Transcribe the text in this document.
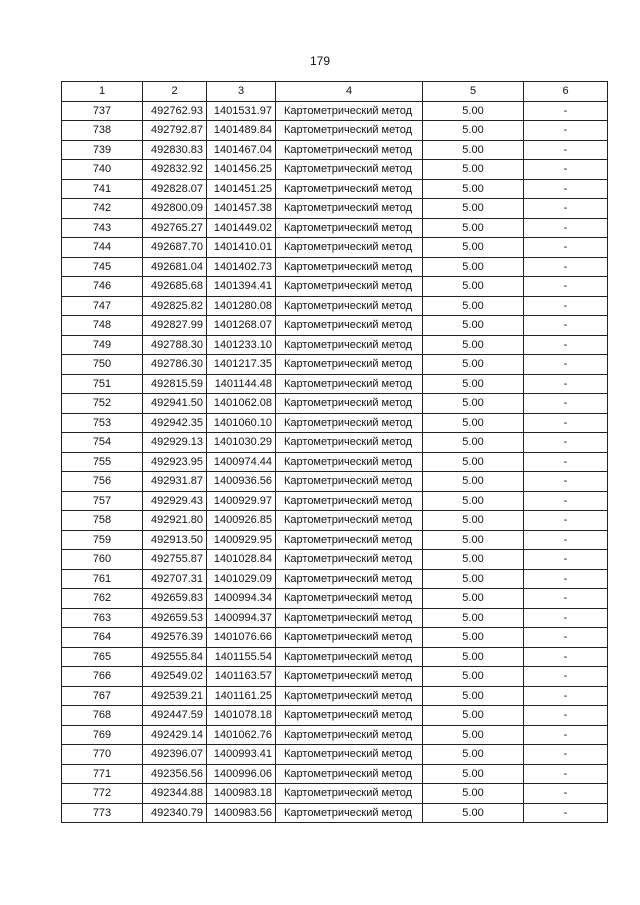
179
1	2	3	4	5	6
737	492762.93	1401531.97	Картометрический метод	5.00	-
738	492792.87	1401489.84	Картометрический метод	5.00	-
739	492830.83	1401467.04	Картометрический метод	5.00	-
740	492832.92	1401456.25	Картометрический метод	5.00	-
741	492828.07	1401451.25	Картометрический метод	5.00	-
742	492800.09	1401457.38	Картометрический метод	5.00	-
743	492765.27	1401449.02	Картометрический метод	5.00	-
744	492687.70	1401410.01	Картометрический метод	5.00	-
745	492681.04	1401402.73	Картометрический метод	5.00	-
746	492685.68	1401394.41	Картометрический метод	5.00	-
747	492825.82	1401280.08	Картометрический метод	5.00	-
748	492827.99	1401268.07	Картометрический метод	5.00	-
749	492788.30	1401233.10	Картометрический метод	5.00	-
750	492786.30	1401217.35	Картометрический метод	5.00	-
751	492815.59	1401144.48	Картометрический метод	5.00	-
752	492941.50	1401062.08	Картометрический метод	5.00	-
753	492942.35	1401060.10	Картометрический метод	5.00	-
754	492929.13	1401030.29	Картометрический метод	5.00	-
755	492923.95	1400974.44	Картометрический метод	5.00	-
756	492931.87	1400936.56	Картометрический метод	5.00	-
757	492929.43	1400929.97	Картометрический метод	5.00	-
758	492921.80	1400926.85	Картометрический метод	5.00	-
759	492913.50	1400929.95	Картометрический метод	5.00	-
760	492755.87	1401028.84	Картометрический метод	5.00	-
761	492707.31	1401029.09	Картометрический метод	5.00	-
762	492659.83	1400994.34	Картометрический метод	5.00	-
763	492659.53	1400994.37	Картометрический метод	5.00	-
764	492576.39	1401076.66	Картометрический метод	5.00	-
765	492555.84	1401155.54	Картометрический метод	5.00	-
766	492549.02	1401163.57	Картометрический метод	5.00	-
767	492539.21	1401161.25	Картометрический метод	5.00	-
768	492447.59	1401078.18	Картометрический метод	5.00	-
769	492429.14	1401062.76	Картометрический метод	5.00	-
770	492396.07	1400993.41	Картометрический метод	5.00	-
771	492356.56	1400996.06	Картометрический метод	5.00	-
772	492344.88	1400983.18	Картометрический метод	5.00	-
773	492340.79	1400983.56	Картометрический метод	5.00	-
